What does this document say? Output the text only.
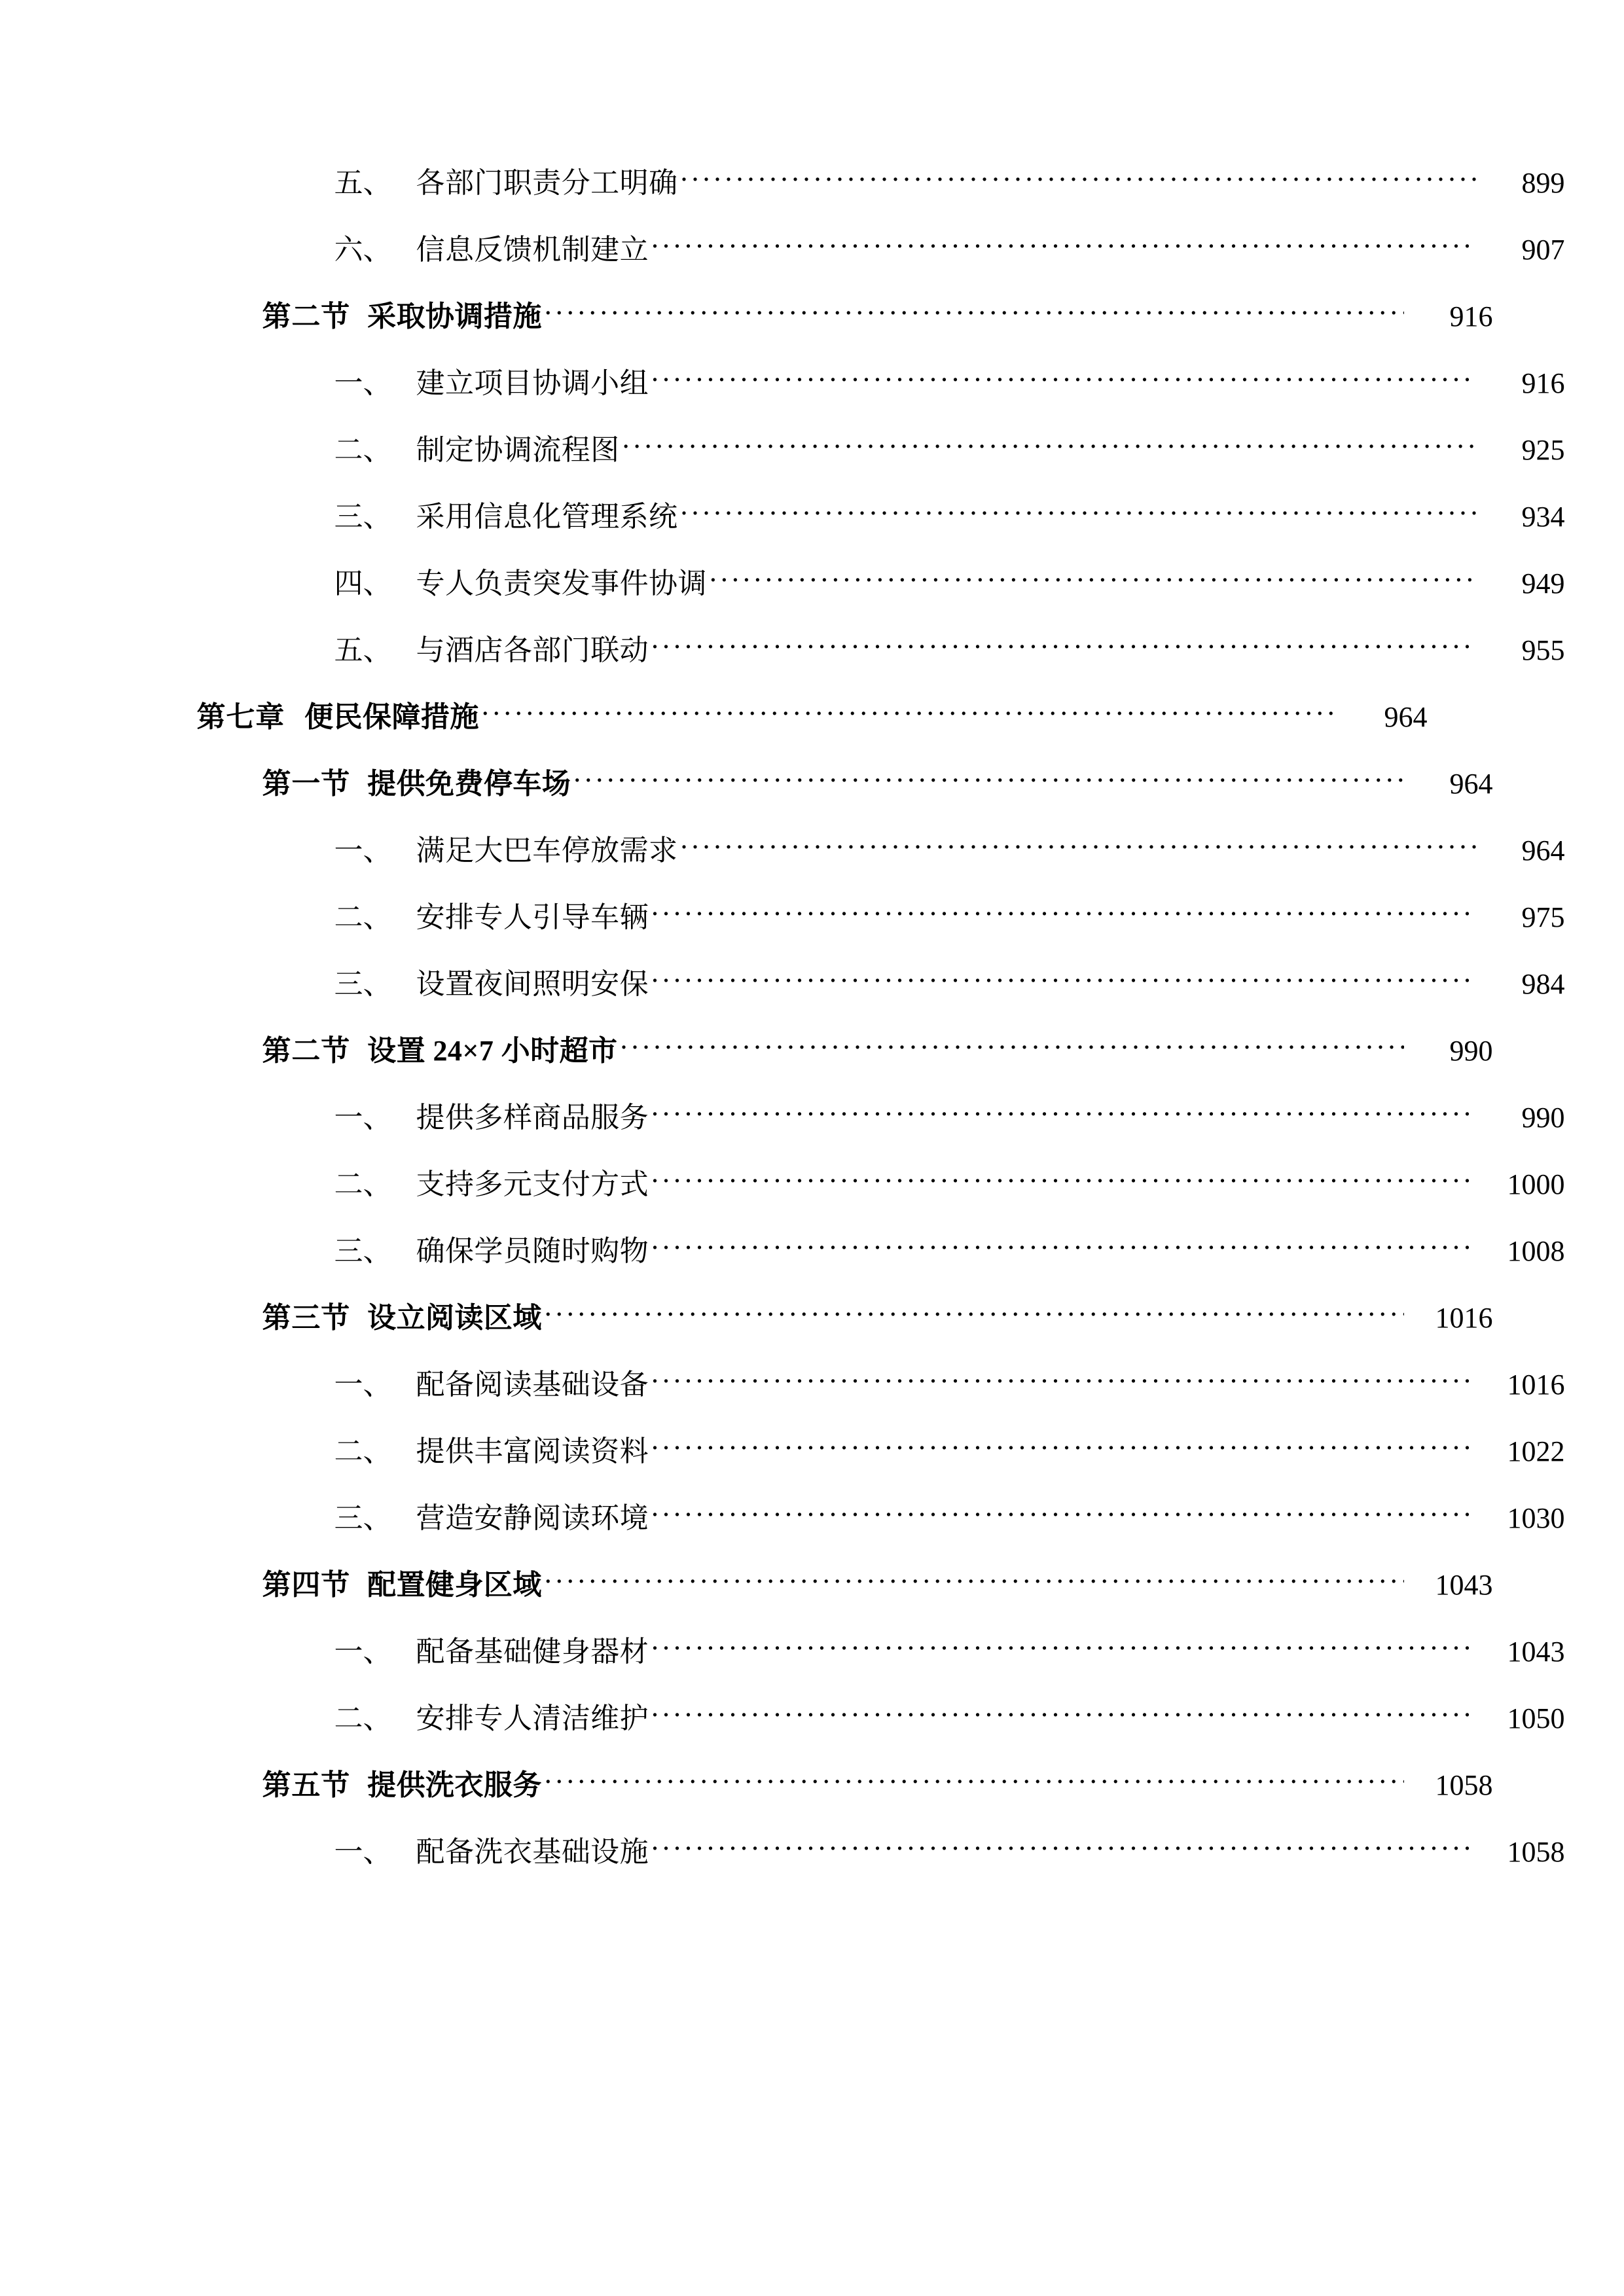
五、 各部门职责分工明确 .....	899
六、 信息反馈机制建立 .....	907
第二节 采取协调措施 .....	916
一、 建立项目协调小组 .....	916
二、 制定协调流程图 .....	925
三、 采用信息化管理系统 .....	934
四、 专人负责突发事件协调 .....	949
五、 与酒店各部门联动 .....	955
第七章 便民保障措施 .....	964
第一节 提供免费停车场 .....	964
一、 满足大巴车停放需求 .....	964
二、 安排专人引导车辆 .....	975
三、 设置夜间照明安保 .....	984
第二节 设置 24×7 小时超市 .....	990
一、 提供多样商品服务 .....	990
二、 支持多元支付方式 .....	1000
三、 确保学员随时购物 .....	1008
第三节 设立阅读区域 .....	1016
一、 配备阅读基础设备 .....	1016
二、 提供丰富阅读资料 .....	1022
三、 营造安静阅读环境 .....	1030
第四节 配置健身区域 .....	1043
一、 配备基础健身器材 .....	1043
二、 安排专人清洁维护 .....	1050
第五节 提供洗衣服务 .....	1058
一、 配备洗衣基础设施 .....	1058
